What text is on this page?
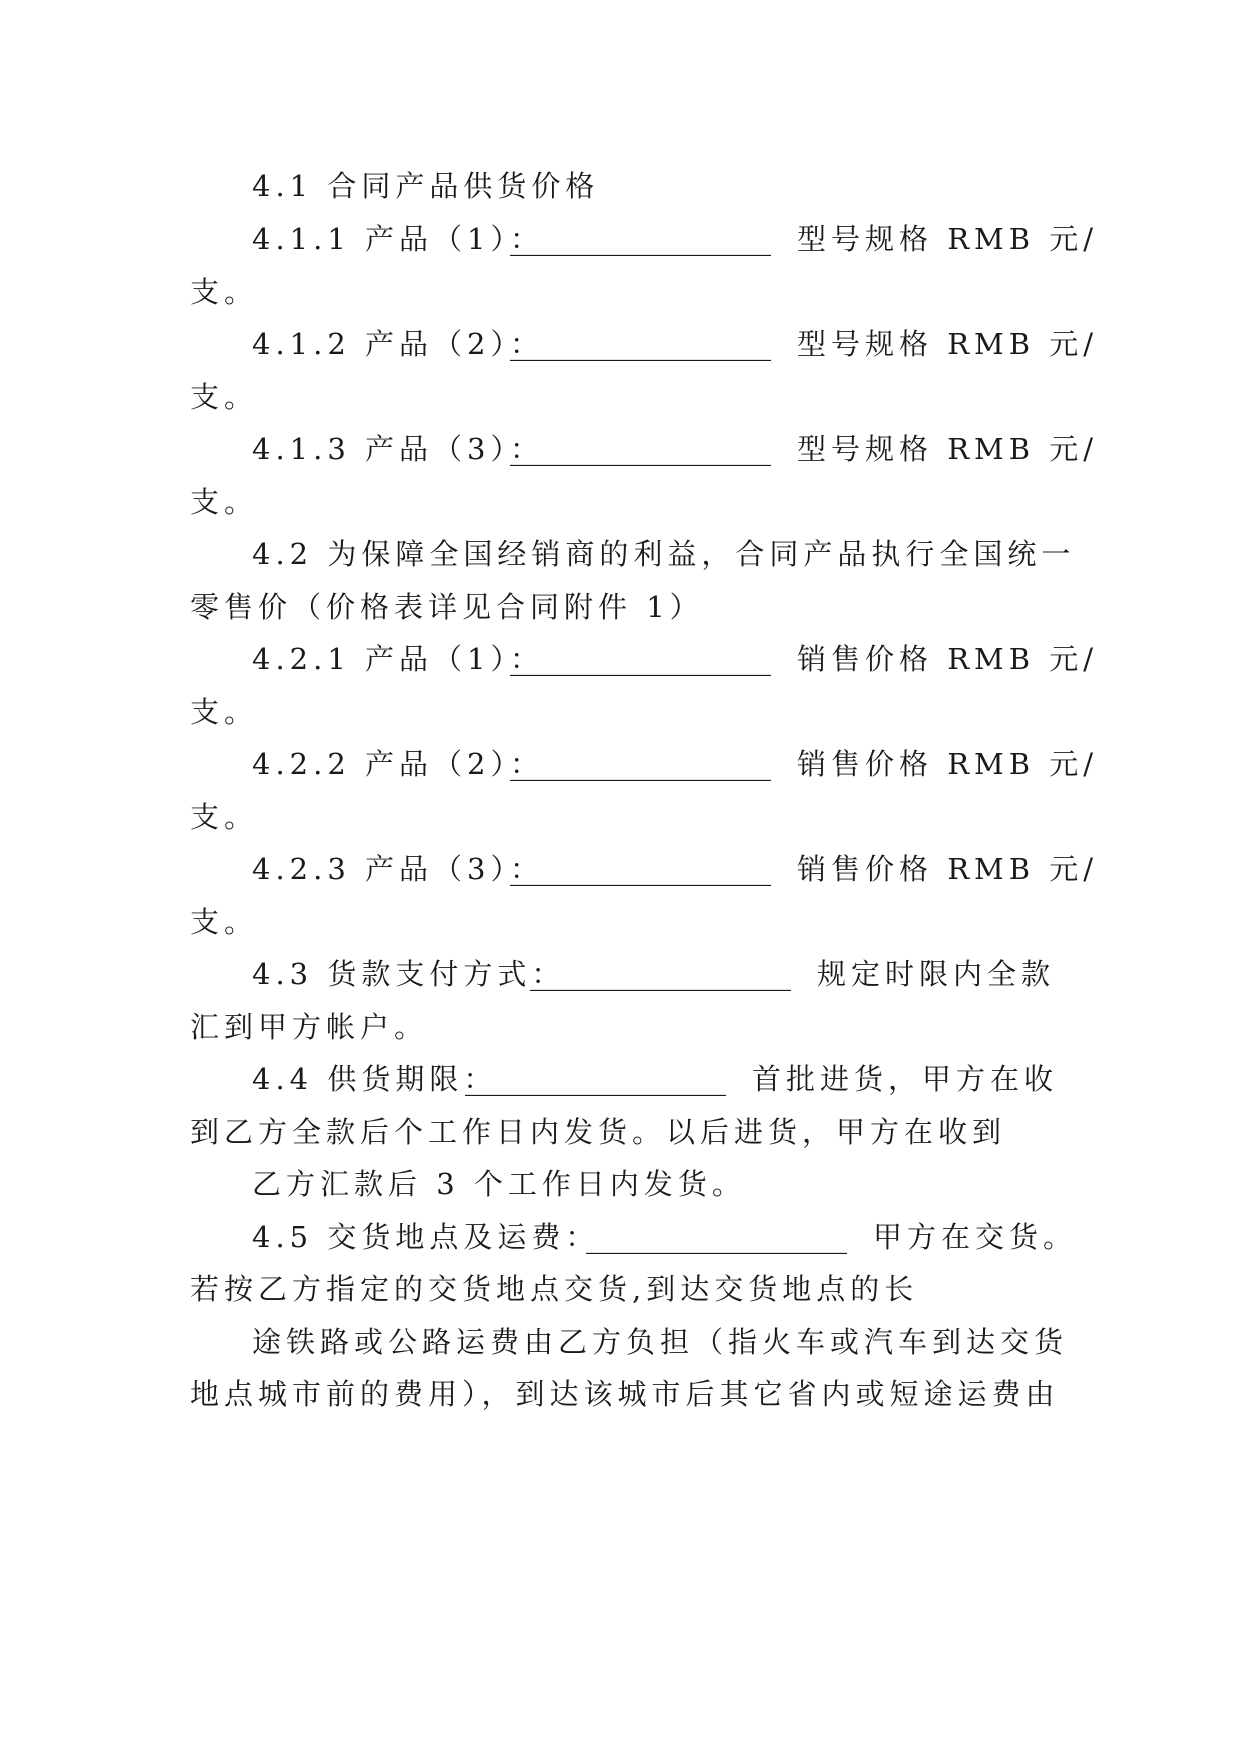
4.1 合同产品供货价格
4.1.1 产品（1）：
__________________ 型号规格 RMB 元/
支。
4.1.2 产品（2）：
__________________ 型号规格 RMB 元/
支。
4.1.3 产品（3）：
__________________ 型号规格 RMB 元/
支。
4.2 为保障全国经销商的利益，合同产品执行全国统一
零售价（价格表详见合同附件 1）
4.2.1 产品（1）：
__________________ 销售价格 RMB 元/
支。
4.2.2 产品（2）：
__________________ 销售价格 RMB 元/
支。
4.2.3 产品（3）：
__________________ 销售价格 RMB 元/
支。
4.3 货款支付方式：
__________________ 规定时限内全款
汇到甲方帐户。
4.4 供货期限：
__________________ 首批进货，甲方在收
到乙方全款后个工作日内发货。以后进货，甲方在收到
乙方汇款后 3 个工作日内发货。
4.5 交货地点及运费：
__________________ 甲方在交货。
若按乙方指定的交货地点交货,到达交货地点的长
途铁路或公路运费由乙方负担（指火车或汽车到达交货
地点城市前的费用），到达该城市后其它省内或短途运费由
